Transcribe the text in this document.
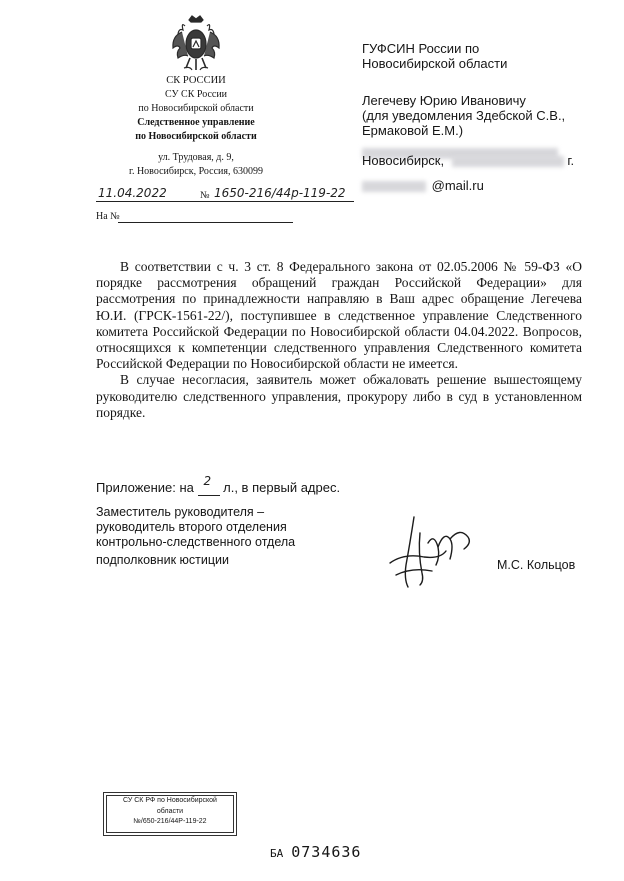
СК РОССИИ
СУ СК России
по Новосибирской области
Следственное управление
по Новосибирской области
ул. Трудовая, д. 9,
г. Новосибирск, Россия, 630099
11.04.2022	№ 1650-216/44р-119-22
На №
ГУФСИН России по
Новосибирской области
Легечеву Юрию Ивановичу
(для уведомления Здебской С.В.,
Ермаковой Е.М.)
Новосибирск,	г.
@mail.ru

В соответствии с ч. 3 ст. 8 Федерального закона от 02.05.2006 № 59-ФЗ «О порядке рассмотрения обращений граждан Российской Федерации» для рассмотрения по принадлежности направляю в Ваш адрес обращение Легечева Ю.И. (ГРСК-1561-22/), поступившее в следственное управление Следственного комитета Российской Федерации по Новосибирской области 04.04.2022. Вопросов, относящихся к компетенции следственного управления Следственного комитета Российской Федерации по Новосибирской области не имеется.

В случае несогласия, заявитель может обжаловать решение вышестоящему руководителю следственного управления, прокурору либо в суд в установленном порядке.

Приложение: на 2 л., в первый адрес.
Заместитель руководителя –
руководитель второго отделения
контрольно-следственного отдела
подполковник юстиции	М.С. Кольцов
СУ СК РФ по Новосибирской
области
№/650-216/44Р-119-22
БА 0734636
